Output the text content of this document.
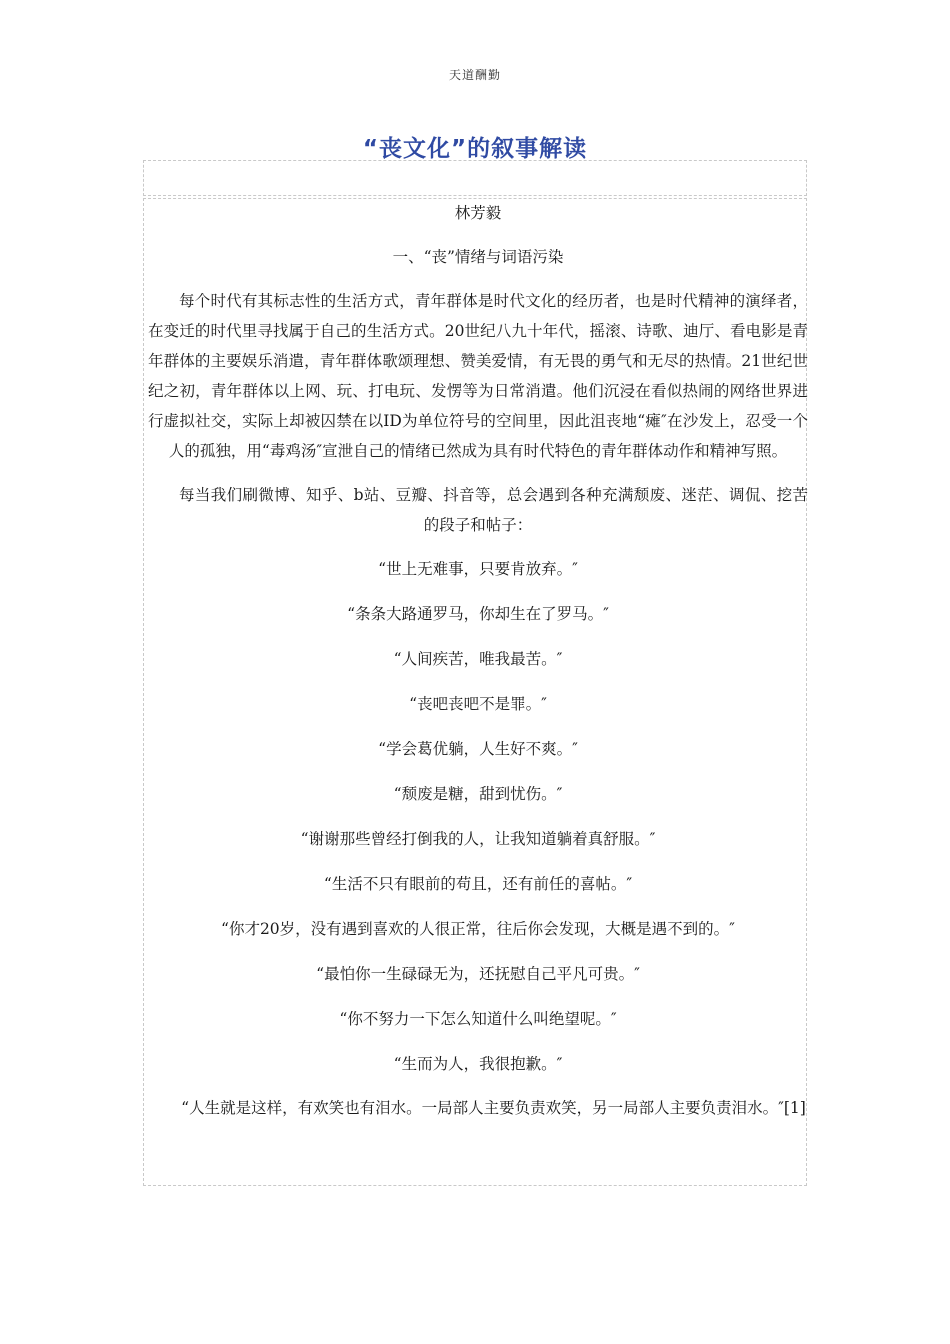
天道酬勤
“丧文化”的叙事解读
林芳毅
一、“丧”情绪与词语污染
每个时代有其标志性的生活方式，青年群体是时代文化的经历者，也是时代精神的演绎者，在变迁的时代里寻找属于自己的生活方式。20世纪八九十年代，摇滚、诗歌、迪厅、看电影是青年群体的主要娱乐消遣，青年群体歌颂理想、赞美爱情，有无畏的勇气和无尽的热情。21世纪世纪之初，青年群体以上网、玩、打电玩、发愣等为日常消遣。他们沉浸在看似热闹的网络世界进行虚拟社交，实际上却被囚禁在以ID为单位符号的空间里，因此沮丧地“瘫″在沙发上，忍受一个人的孤独，用“毒鸡汤″宣泄自己的情绪已然成为具有时代特色的青年群体动作和精神写照。
每当我们刷微博、知乎、b站、豆瓣、抖音等，总会遇到各种充满颓废、迷茫、调侃、挖苦的段子和帖子：
“世上无难事，只要肯放弃。″
“条条大路通罗马，你却生在了罗马。″
“人间疾苦，唯我最苦。″
“丧吧丧吧不是罪。″
“学会葛优躺，人生好不爽。″
“颓废是糖，甜到忧伤。″
“谢谢那些曾经打倒我的人，让我知道躺着真舒服。″
“生活不只有眼前的苟且，还有前任的喜帖。″
“你才20岁，没有遇到喜欢的人很正常，往后你会发现，大概是遇不到的。″
“最怕你一生碌碌无为，还抚慰自己平凡可贵。″
“你不努力一下怎么知道什么叫绝望呢。″
“生而为人，我很抱歉。″
“人生就是这样，有欢笑也有泪水。一局部人主要负责欢笑，另一局部人主要负责泪水。″[1]
